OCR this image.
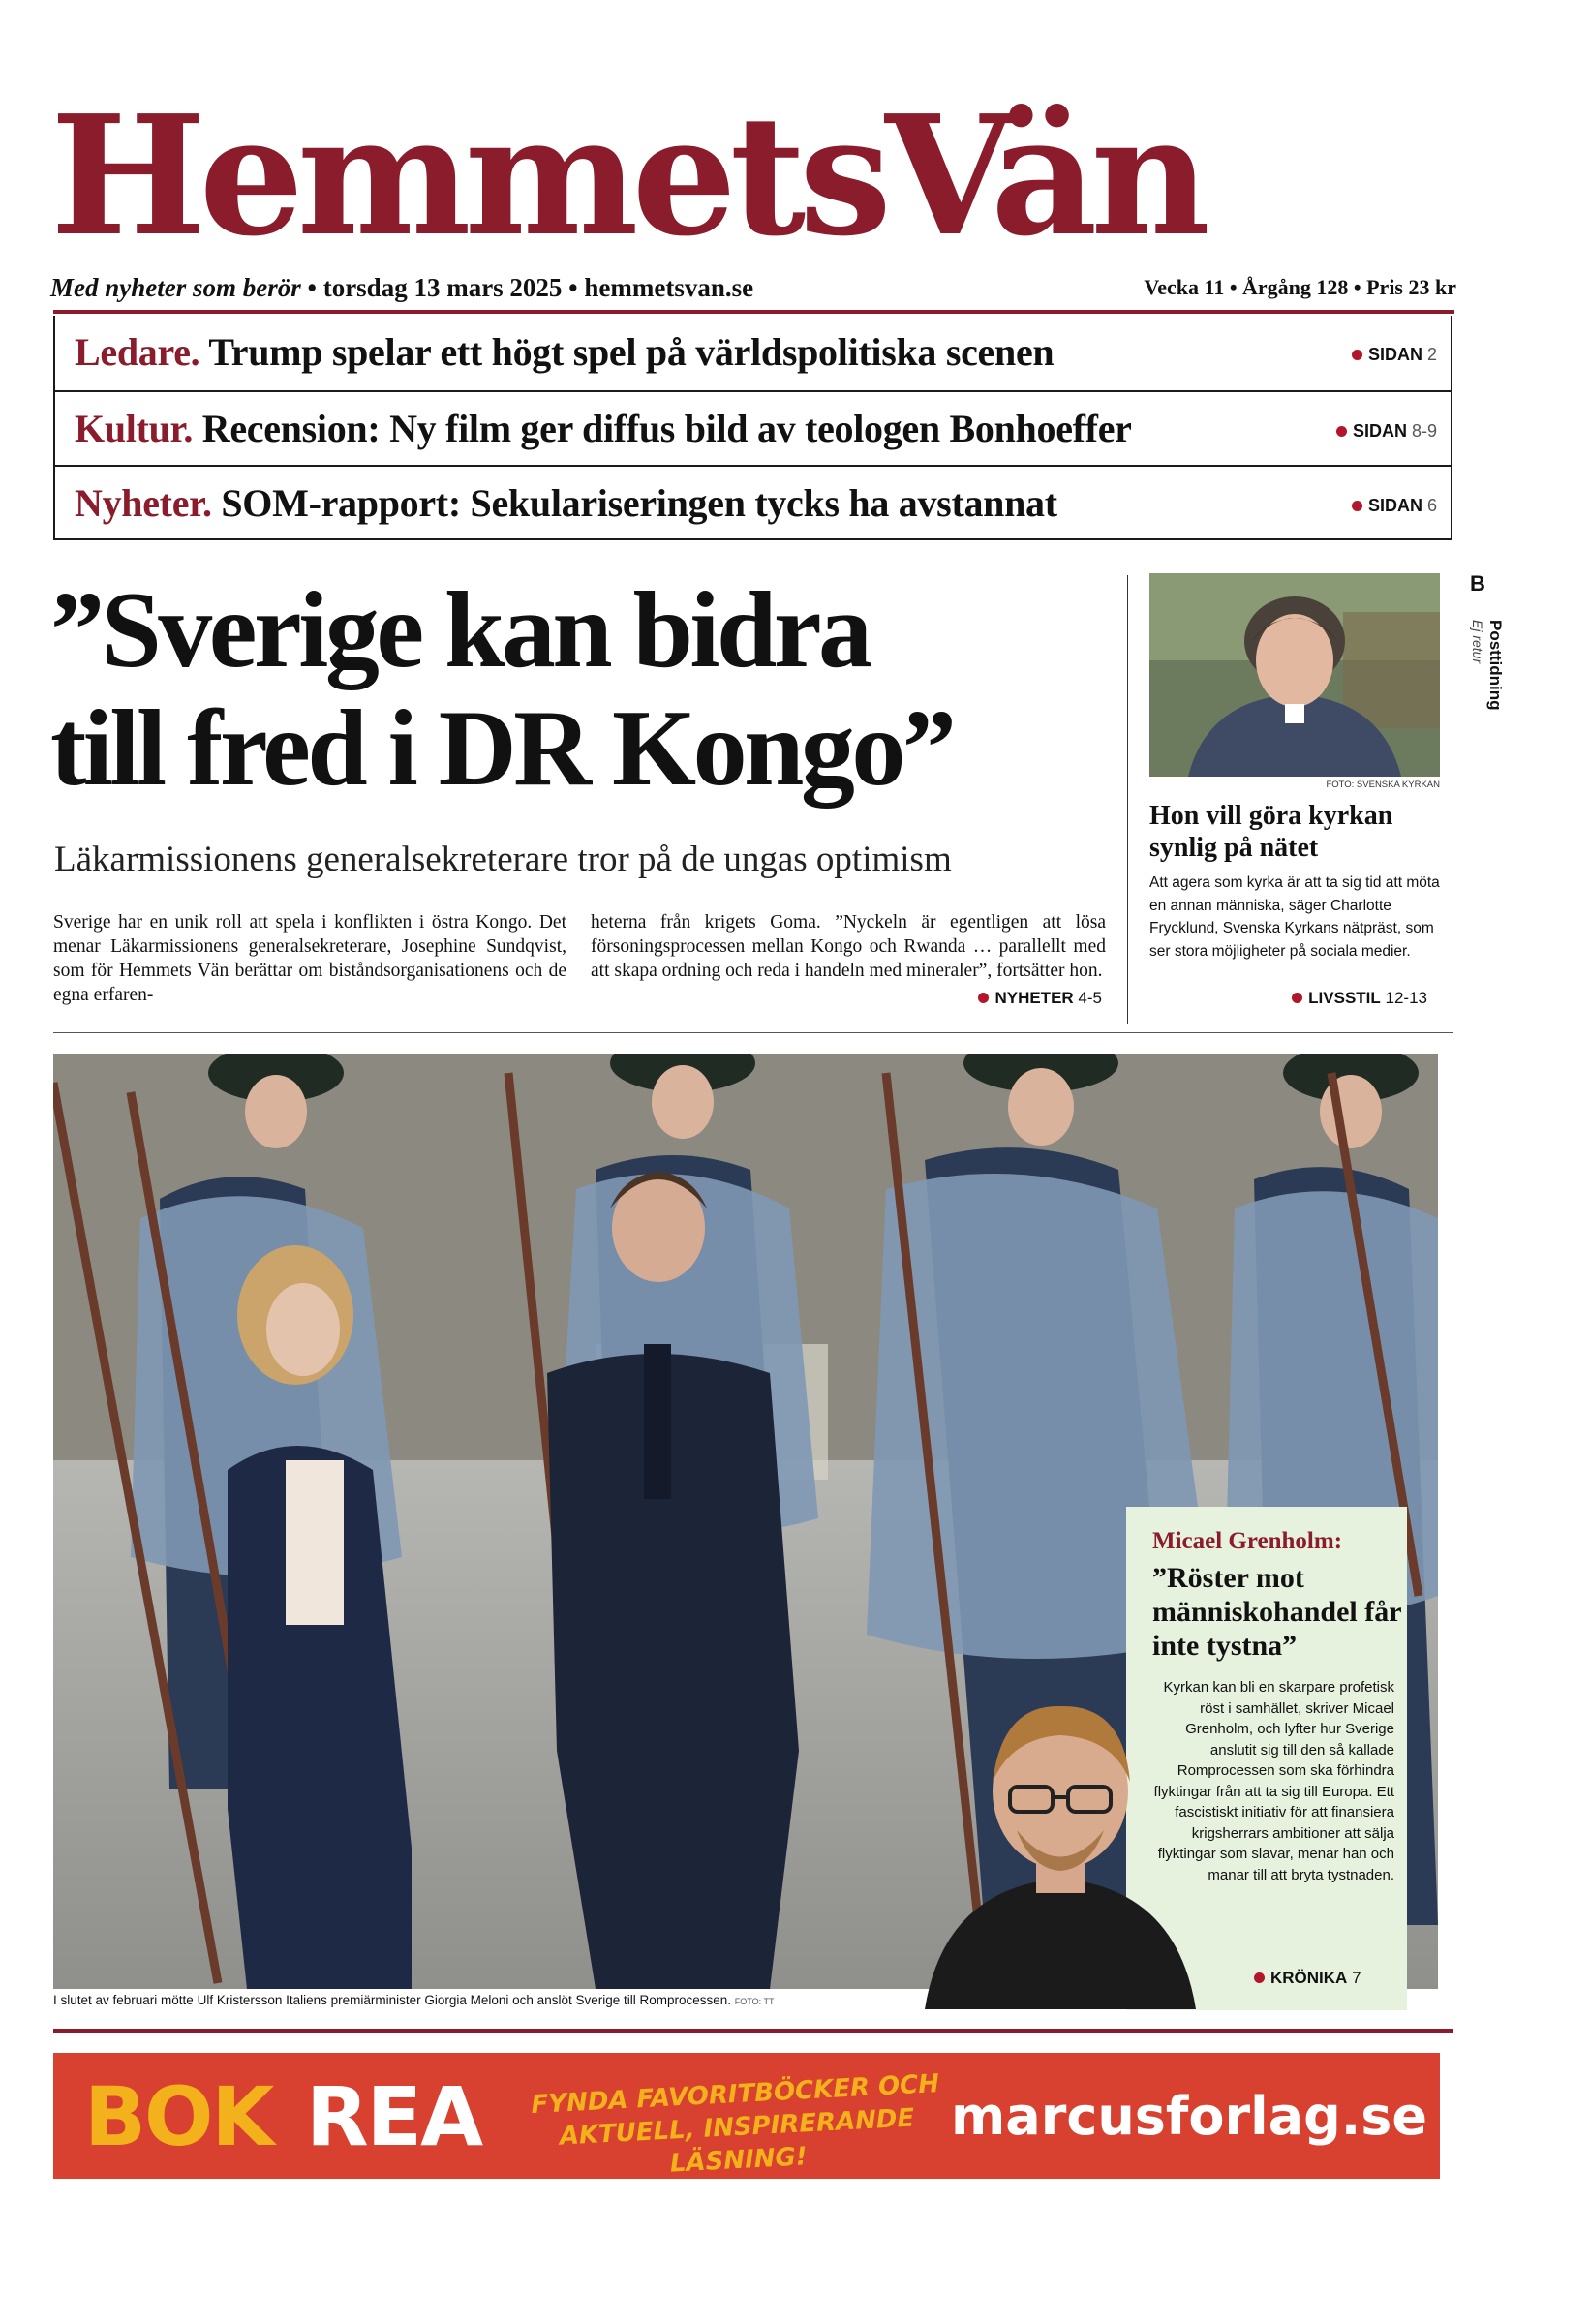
HemmetsVän
Med nyheter som berör • torsdag 13 mars 2025 • hemmetsvan.se	Vecka 11 • Årgång 128 • Pris 23 kr
Ledare. Trump spelar ett högt spel på världspolitiska scenen	SIDAN 2
Kultur. Recension: Ny film ger diffus bild av teologen Bonhoeffer	SIDAN 8-9
Nyheter. SOM-rapport: Sekulariseringen tycks ha avstannat	SIDAN 6
”Sverige kan bidra
till fred i DR Kongo”
Läkarmissionens generalsekreterare tror på de ungas optimism
Sverige har en unik roll att spela i konflikten i östra Kongo. Det menar Läkarmissionens generalsekreterare, Josephine Sundqvist, som för Hemmets Vän berättar om biståndsorganisationens och de egna erfaren-
heterna från krigets Goma. ”Nyckeln är egentligen att lösa försoningsprocessen mellan Kongo och Rwanda … parallellt med att skapa ordning och reda i handeln med mineraler”, fortsätter hon.
NYHETER 4-5
FOTO: SVENSKA KYRKAN
Hon vill göra kyrkan synlig på nätet
Att agera som kyrka är att ta sig tid att möta en annan människa, säger Charlotte Frycklund, Svenska Kyrkans nätpräst, som ser stora möjligheter på sociala medier.
LIVSSTIL 12-13
B
Posttidning
Ej retur
I slutet av februari mötte Ulf Kristersson Italiens premiärminister Giorgia Meloni och anslöt Sverige till Romprocessen. FOTO: TT
Micael Grenholm:
”Röster mot människohandel får inte tystna”
Kyrkan kan bli en skarpare profetisk röst i samhället, skriver Micael Grenholm, och lyfter hur Sverige anslutit sig till den så kallade Romprocessen som ska förhindra flyktingar från att ta sig till Europa. Ett fascistiskt initiativ för att finansiera krigsherrars ambitioner att sälja flyktingar som slavar, menar han och manar till att bryta tystnaden.
KRÖNIKA 7
BOK REA FYNDA FAVORITBÖCKER OCH AKTUELL, INSPIRERANDE LÄSNING!
marcusforlag.se
